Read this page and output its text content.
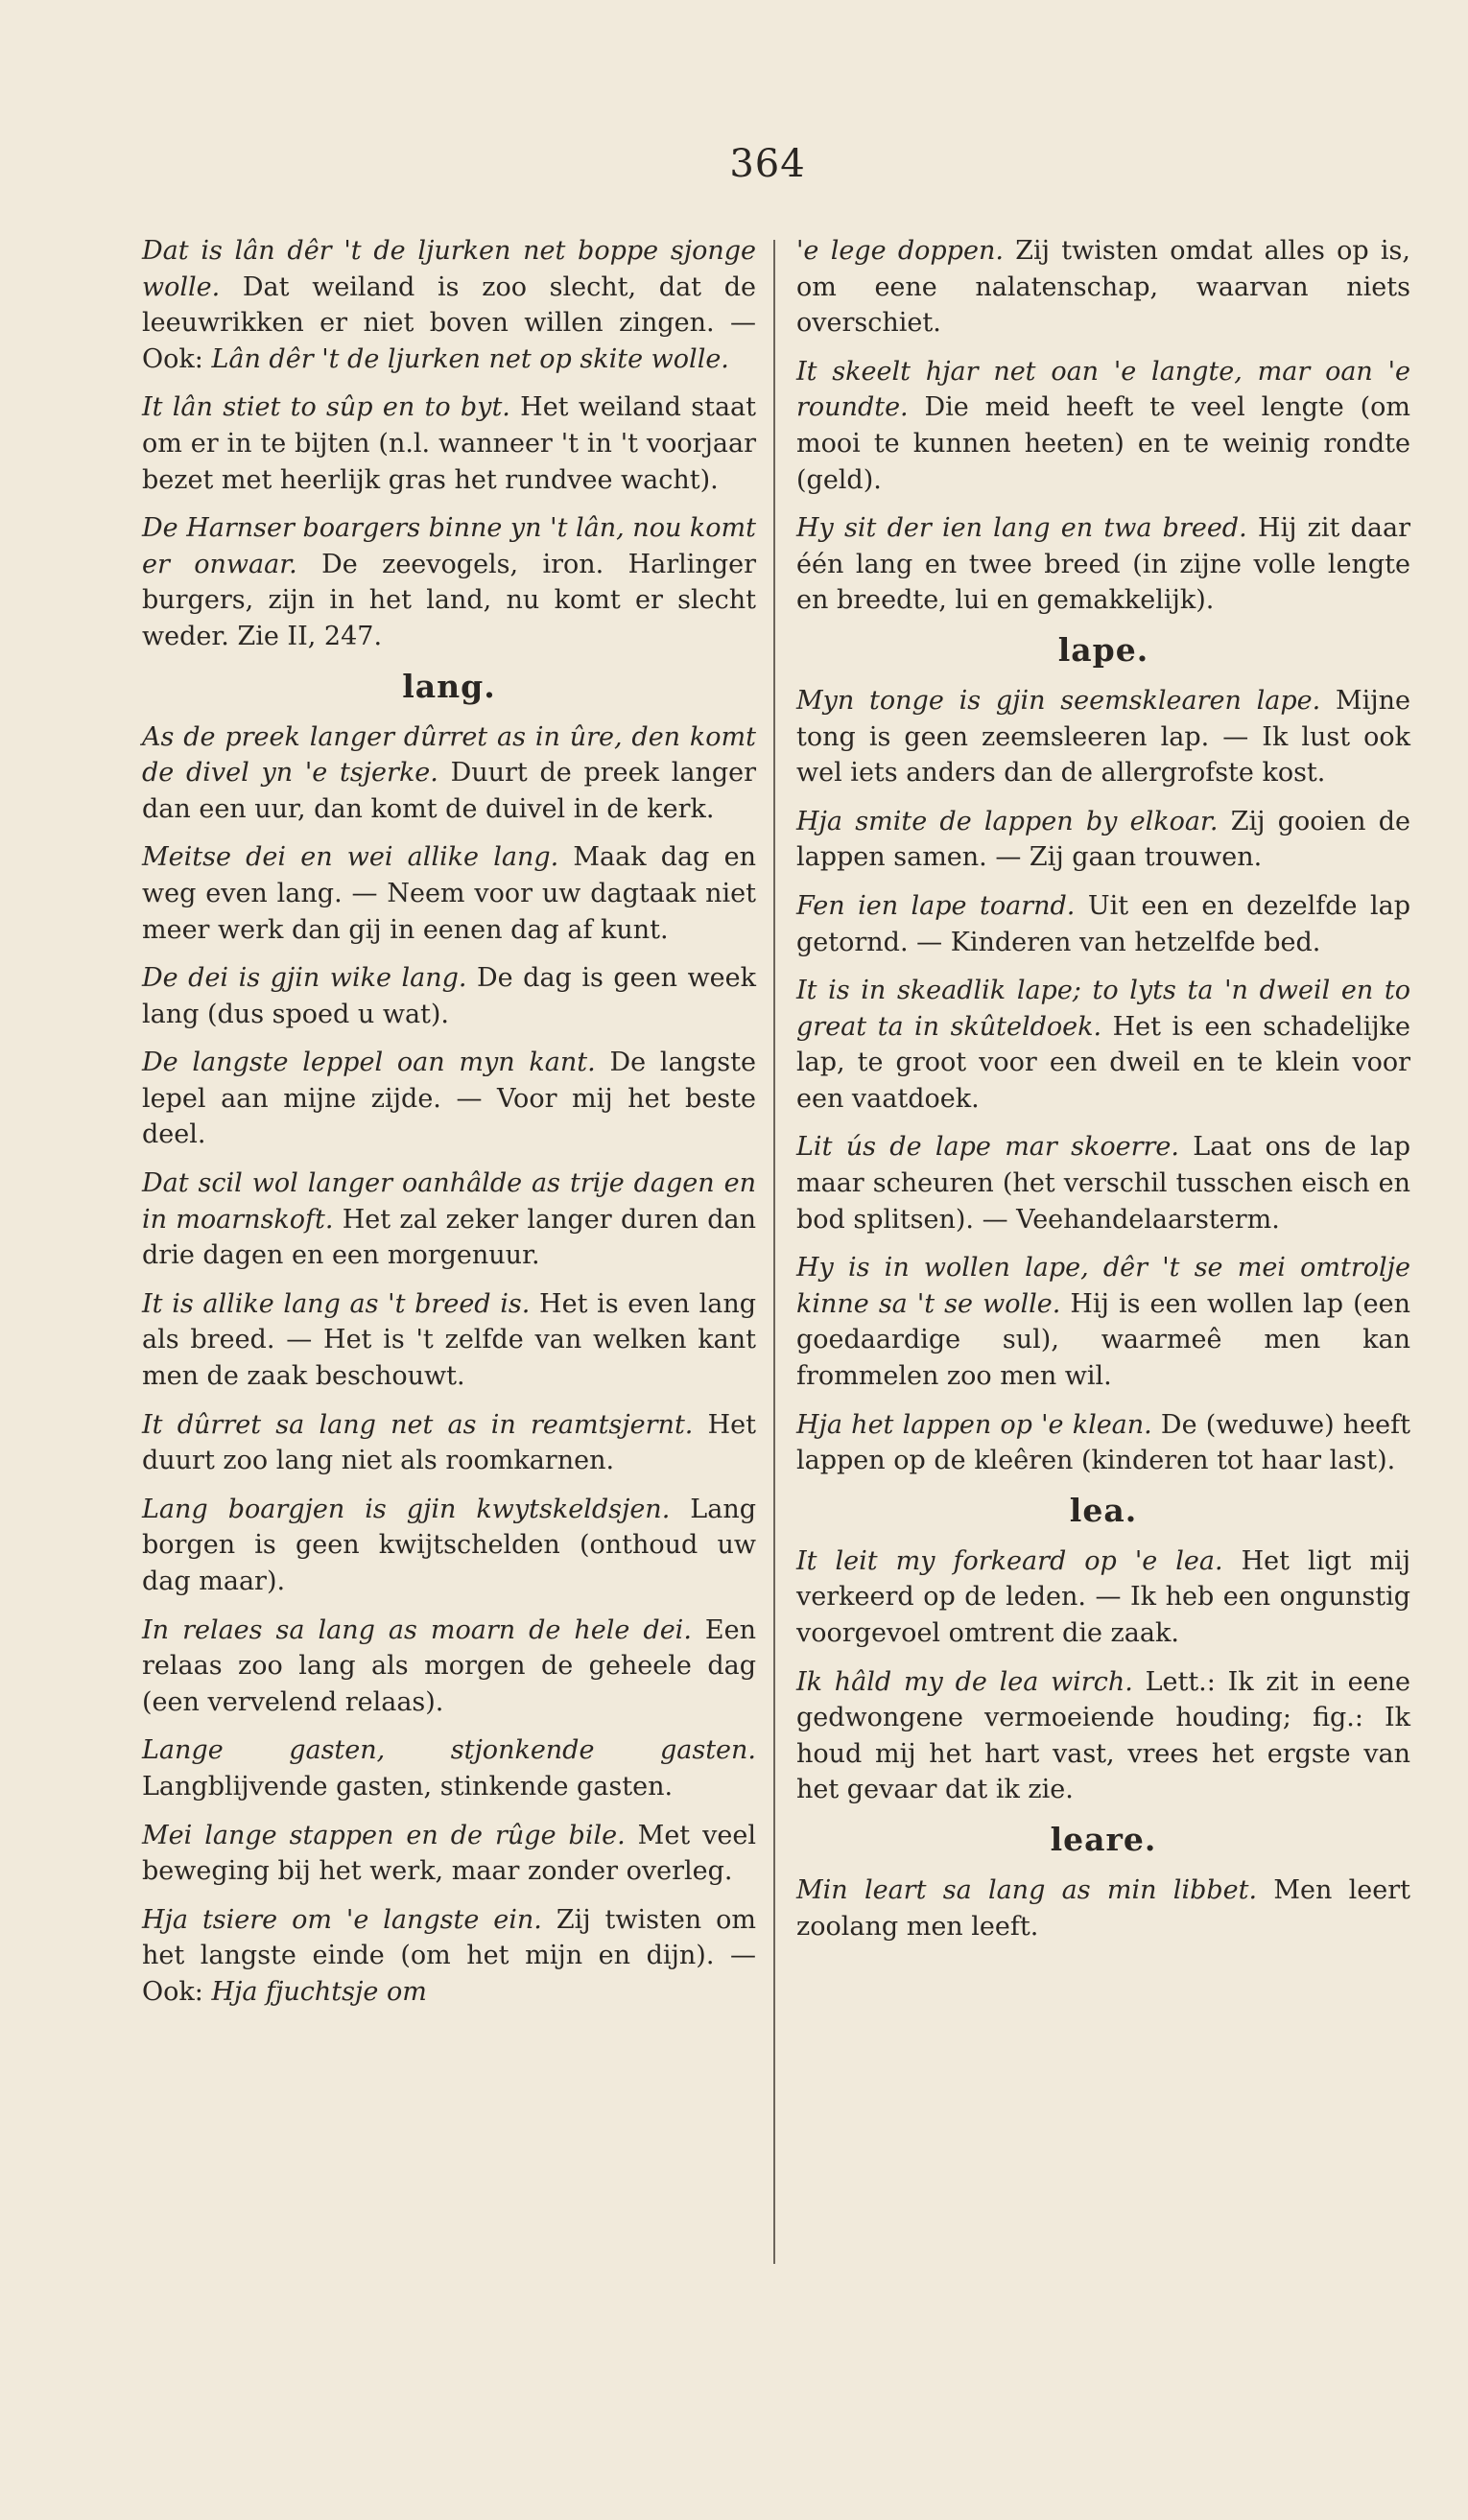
364

Dat is lân dêr 't de ljurken net boppe sjonge wolle. Dat weiland is zoo slecht, dat de leeuwrikken er niet boven willen zingen. — Ook: Lân dêr 't de ljurken net op skite wolle.

It lân stiet to sûp en to byt. Het weiland staat om er in te bijten (n.l. wanneer 't in 't voorjaar bezet met heerlijk gras het rundvee wacht).

De Harnser boargers binne yn 't lân, nou komt er onwaar. De zeevogels, iron. Harlinger burgers, zijn in het land, nu komt er slecht weder. Zie II, 247.

lang.

As de preek langer dûrret as in ûre, den komt de divel yn 'e tsjerke. Duurt de preek langer dan een uur, dan komt de duivel in de kerk.

Meitse dei en wei allike lang. Maak dag en weg even lang. — Neem voor uw dagtaak niet meer werk dan gij in eenen dag af kunt.

De dei is gjin wike lang. De dag is geen week lang (dus spoed u wat).

De langste leppel oan myn kant. De langste lepel aan mijne zijde. — Voor mij het beste deel.

Dat scil wol langer oanhâlde as trije dagen en in moarnskoft. Het zal zeker langer duren dan drie dagen en een morgenuur.

It is allike lang as 't breed is. Het is even lang als breed. — Het is 't zelfde van welken kant men de zaak beschouwt.

It dûrret sa lang net as in reamtsjernt. Het duurt zoo lang niet als roomkarnen.

Lang boargjen is gjin kwytskeldsjen. Lang borgen is geen kwijtschelden (onthoud uw dag maar).

In relaes sa lang as moarn de hele dei. Een relaas zoo lang als morgen de geheele dag (een vervelend relaas).

Lange gasten, stjonkende gasten. Langblijvende gasten, stinkende gasten.

Mei lange stappen en de rûge bile. Met veel beweging bij het werk, maar zonder overleg.

Hja tsiere om 'e langste ein. Zij twisten om het langste einde (om het mijn en dijn). — Ook: Hja fjuchtsje om

'e lege doppen. Zij twisten omdat alles op is, om eene nalatenschap, waarvan niets overschiet.

It skeelt hjar net oan 'e langte, mar oan 'e roundte. Die meid heeft te veel lengte (om mooi te kunnen heeten) en te weinig rondte (geld).

Hy sit der ien lang en twa breed. Hij zit daar één lang en twee breed (in zijne volle lengte en breedte, lui en gemakkelijk).

lape.

Myn tonge is gjin seemsklearen lape. Mijne tong is geen zeemsleeren lap. — Ik lust ook wel iets anders dan de allergrofste kost.

Hja smite de lappen by elkoar. Zij gooien de lappen samen. — Zij gaan trouwen.

Fen ien lape toarnd. Uit een en dezelfde lap getornd. — Kinderen van hetzelfde bed.

It is in skeadlik lape; to lyts ta 'n dweil en to great ta in skûteldoek. Het is een schadelijke lap, te groot voor een dweil en te klein voor een vaatdoek.

Lit ús de lape mar skoerre. Laat ons de lap maar scheuren (het verschil tusschen eisch en bod splitsen). — Veehandelaarsterm.

Hy is in wollen lape, dêr 't se mei omtrolje kinne sa 't se wolle. Hij is een wollen lap (een goedaardige sul), waarmeê men kan frommelen zoo men wil.

Hja het lappen op 'e klean. De (weduwe) heeft lappen op de kleêren (kinderen tot haar last).

lea.

It leit my forkeard op 'e lea. Het ligt mij verkeerd op de leden. — Ik heb een ongunstig voorgevoel omtrent die zaak.

Ik hâld my de lea wirch. Lett.: Ik zit in eene gedwongene vermoeiende houding; fig.: Ik houd mij het hart vast, vrees het ergste van het gevaar dat ik zie.

leare.

Min leart sa lang as min libbet. Men leert zoolang men leeft.
